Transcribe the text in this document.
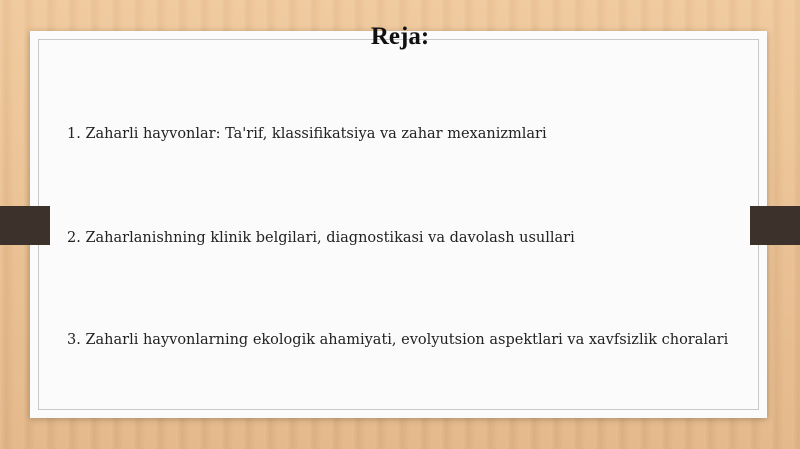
Reja:
1. Zaharli hayvonlar: Ta'rif, klassifikatsiya va zahar mexanizmlari
2. Zaharlanishning klinik belgilari, diagnostikasi va davolash usullari
3. Zaharli hayvonlarning ekologik ahamiyati, evolyutsion aspektlari va xavfsizlik choralari
